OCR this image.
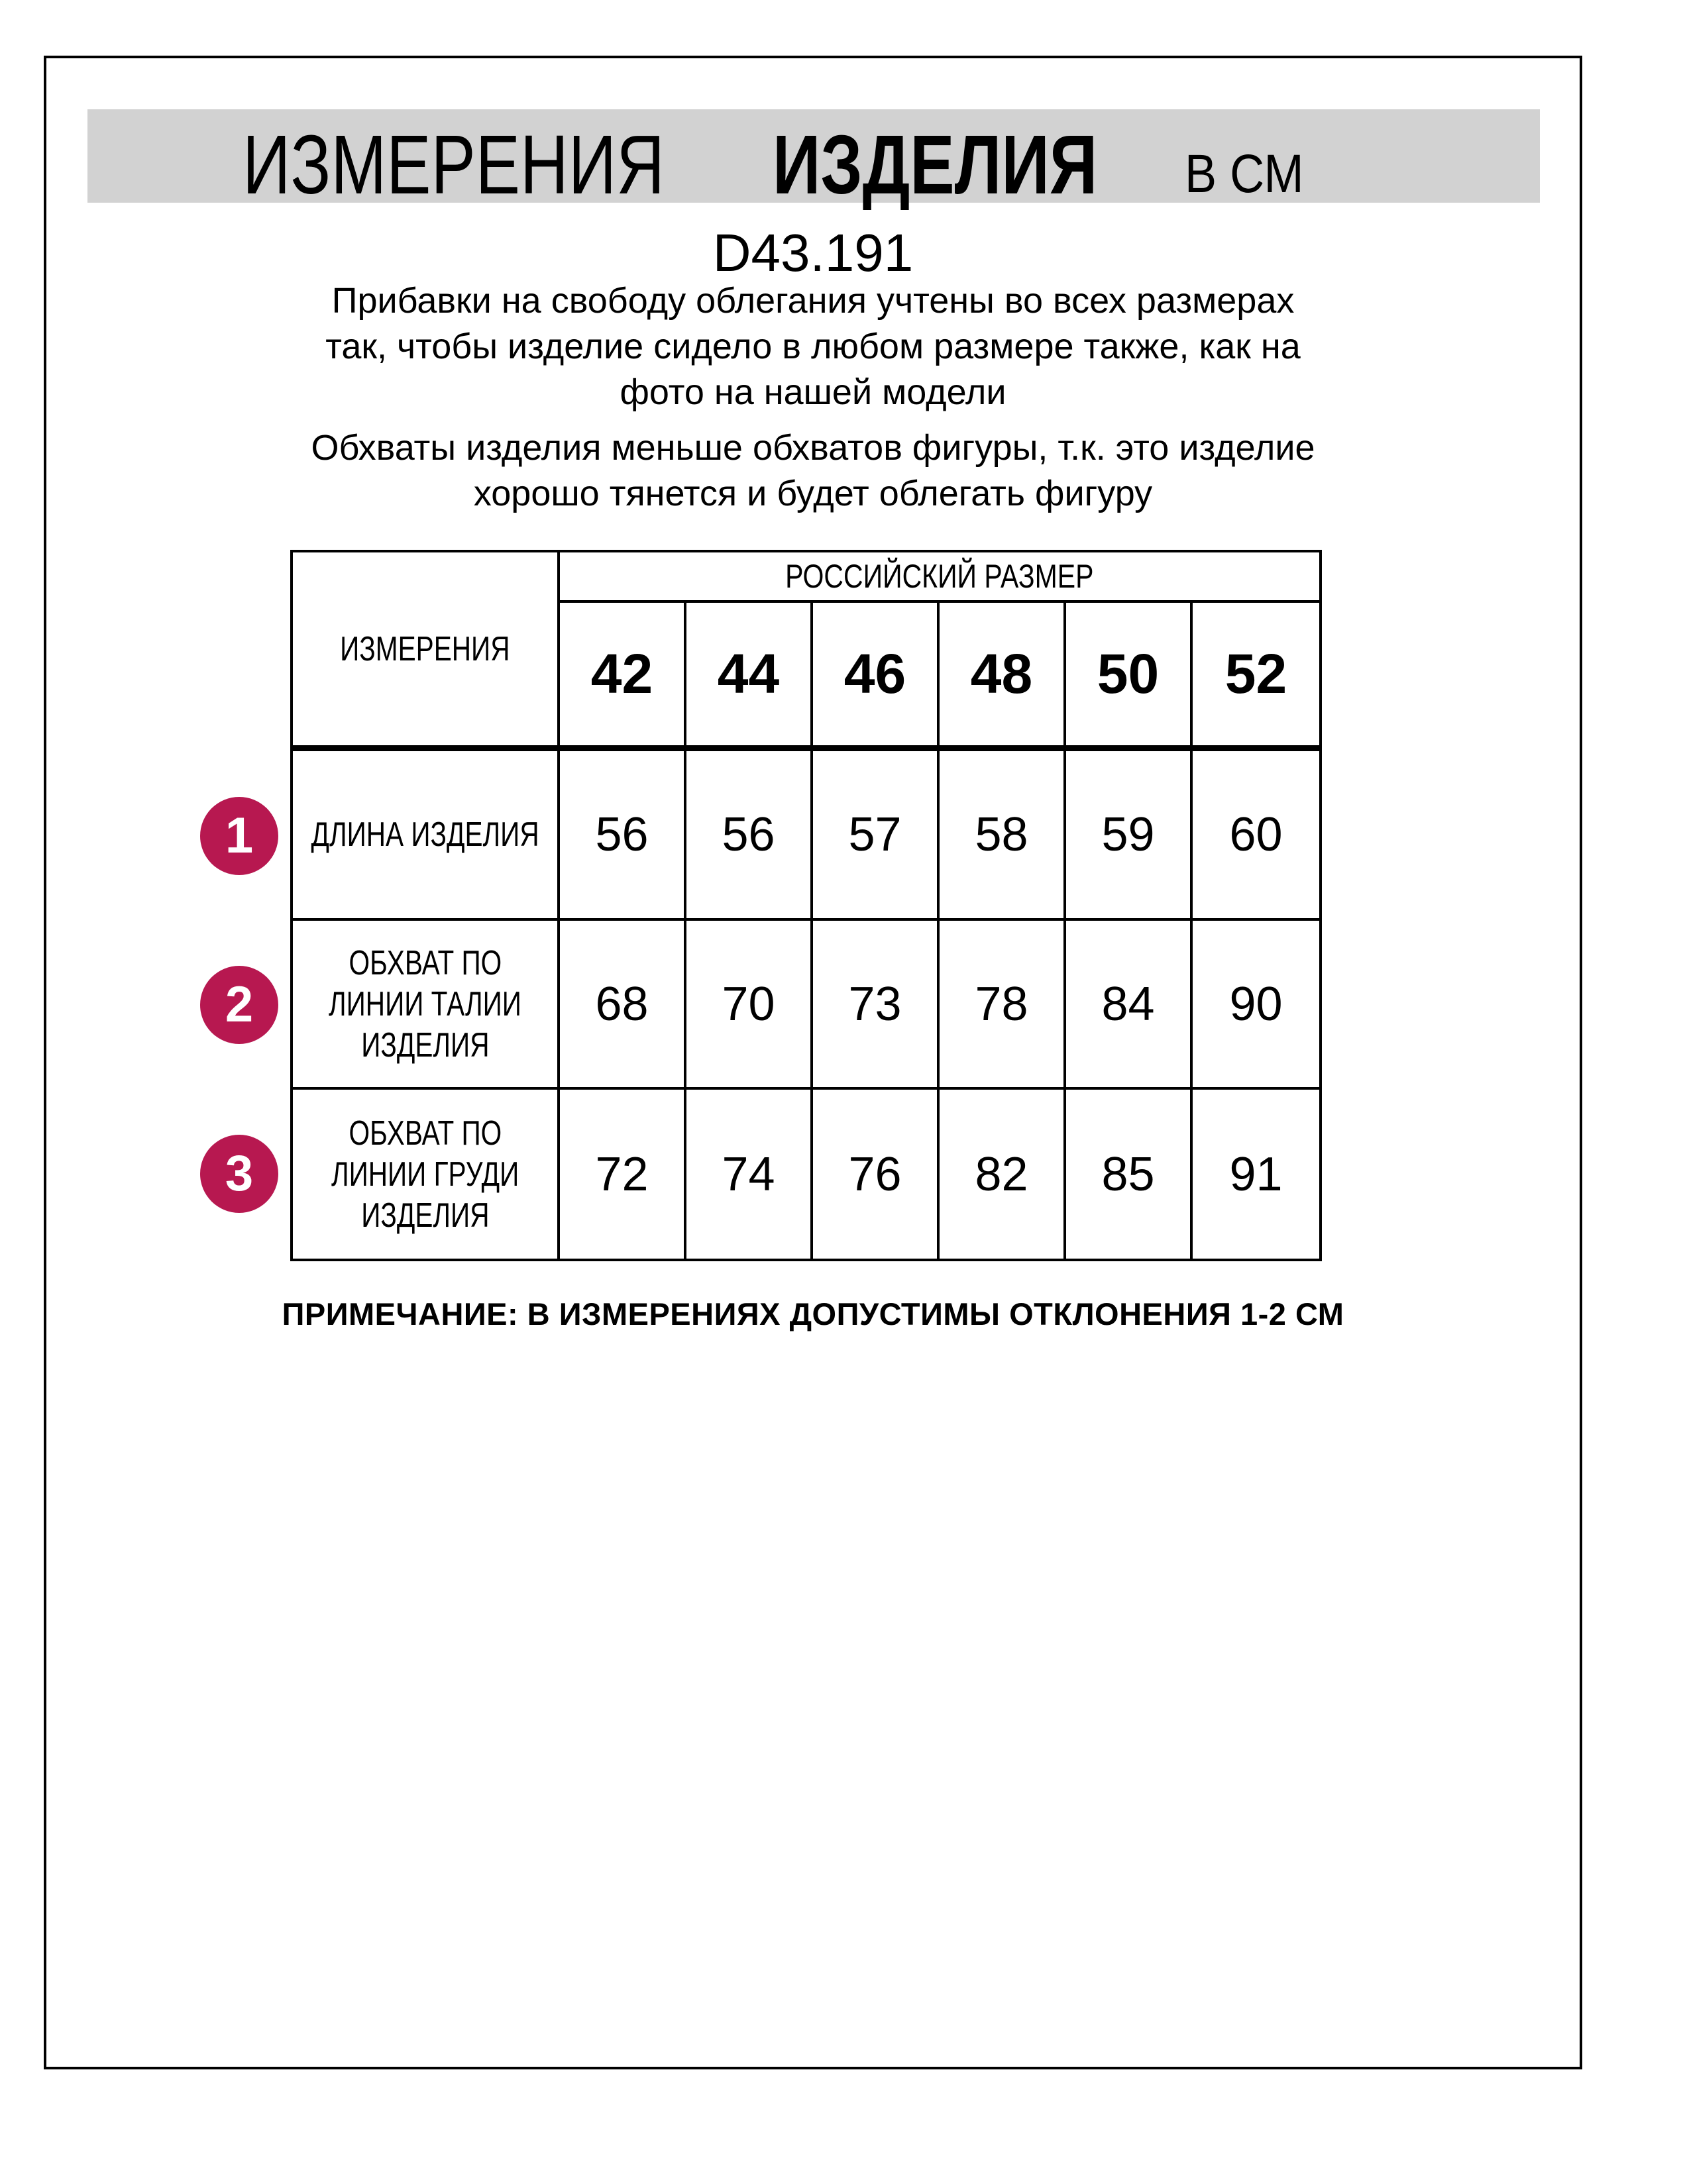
ИЗМЕРЕНИЯ ИЗДЕЛИЯ В СМ
D43.191
Прибавки на свободу облегания учтены во всех размерах
так, чтобы изделие сидело в любом размере также, как на
фото на нашей модели
Обхваты изделия меньше обхватов фигуры, т.к. это изделие
хорошо тянется и будет облегать фигуру
ИЗМЕРЕНИЯ
РОССИЙСКИЙ РАЗМЕР
42	44	46	48	50	52
ДЛИНА ИЗДЕЛИЯ	56	56	57	58	59	60
ОБХВАТ ПО
ЛИНИИ ТАЛИИ
ИЗДЕЛИЯ
68	70	73	78	84	90
ОБХВАТ ПО
ЛИНИИ ГРУДИ
ИЗДЕЛИЯ
72	74	76	82	85	91
1
2
3
ПРИМЕЧАНИЕ: В ИЗМЕРЕНИЯХ ДОПУСТИМЫ ОТКЛОНЕНИЯ 1-2 СМ
